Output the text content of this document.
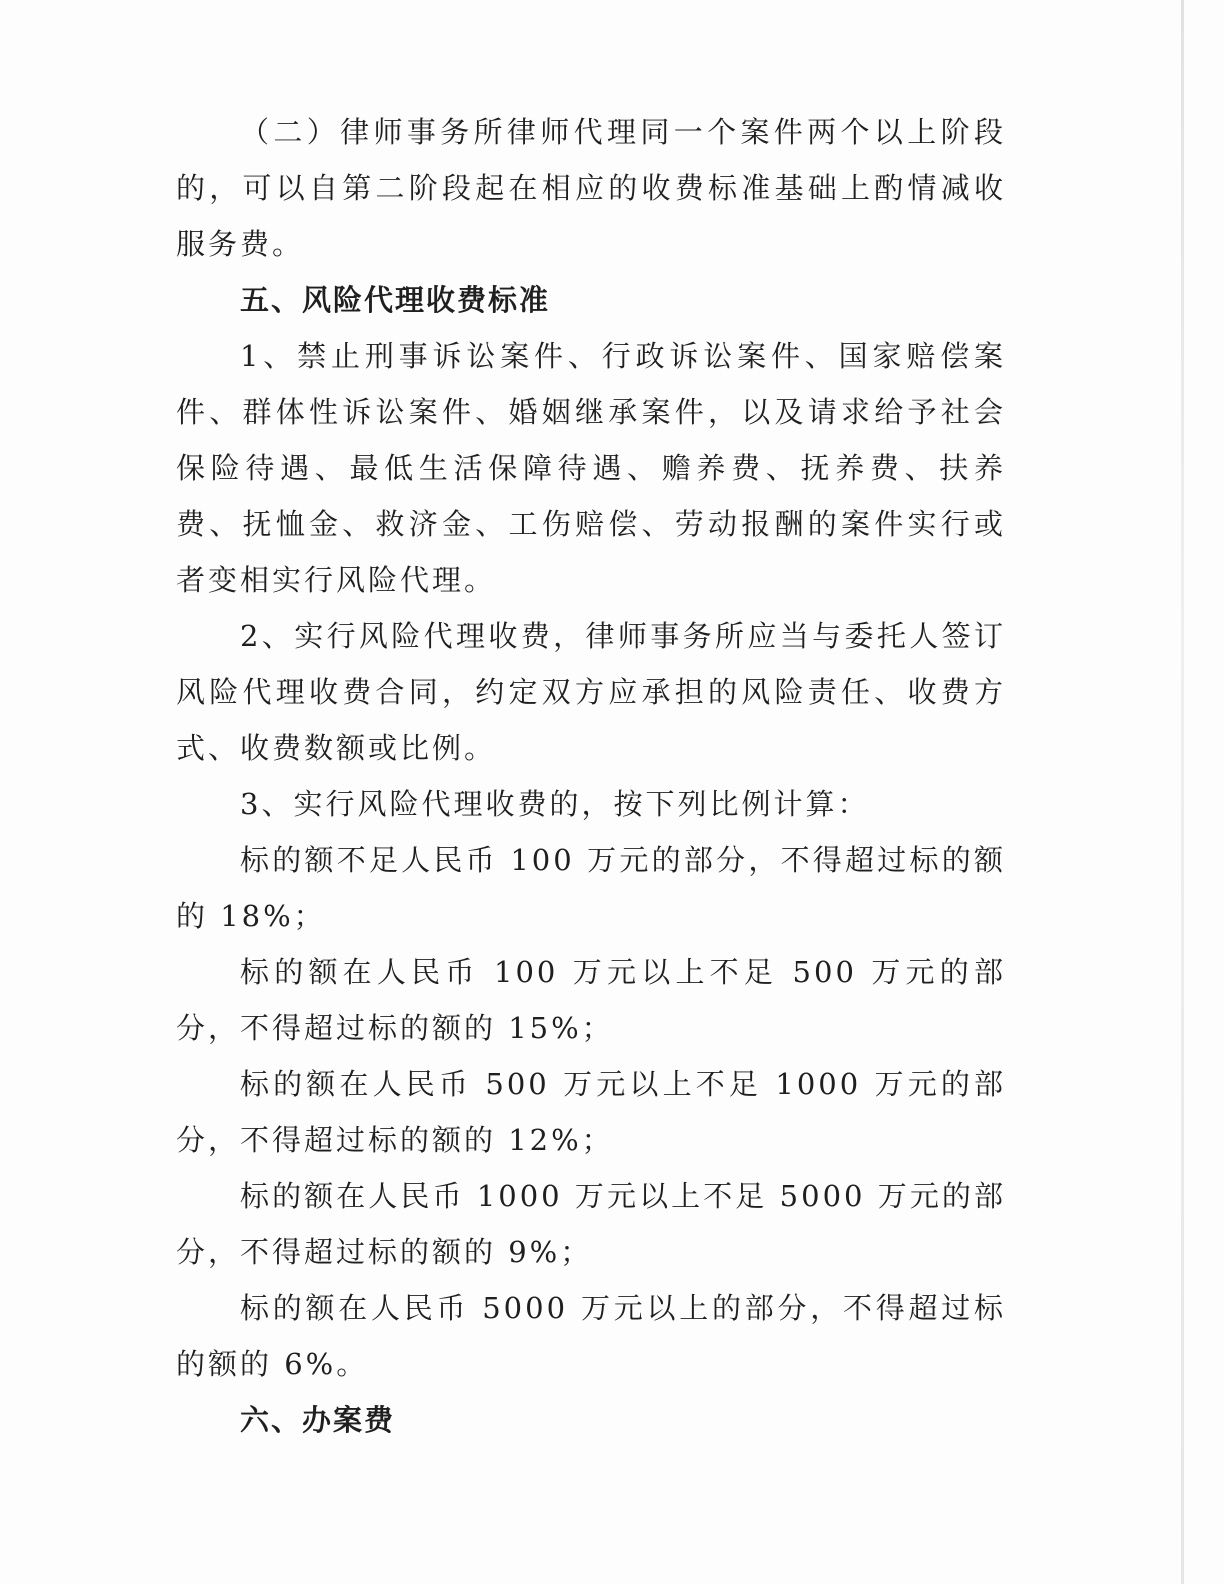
（二）律师事务所律师代理同一个案件两个以上阶段的，可以自第二阶段起在相应的收费标准基础上酌情减收服务费。

五、风险代理收费标准

1、禁止刑事诉讼案件、行政诉讼案件、国家赔偿案件、群体性诉讼案件、婚姻继承案件，以及请求给予社会保险待遇、最低生活保障待遇、赡养费、抚养费、扶养费、抚恤金、救济金、工伤赔偿、劳动报酬的案件实行或者变相实行风险代理。

2、实行风险代理收费，律师事务所应当与委托人签订风险代理收费合同，约定双方应承担的风险责任、收费方式、收费数额或比例。

3、实行风险代理收费的，按下列比例计算：

标的额不足人民币 100 万元的部分，不得超过标的额的 18%；

标的额在人民币 100 万元以上不足 500 万元的部分，不得超过标的额的 15%；

标的额在人民币 500 万元以上不足 1000 万元的部分，不得超过标的额的 12%；

标的额在人民币 1000 万元以上不足 5000 万元的部分，不得超过标的额的 9%；

标的额在人民币 5000 万元以上的部分，不得超过标的额的 6%。

六、办案费
